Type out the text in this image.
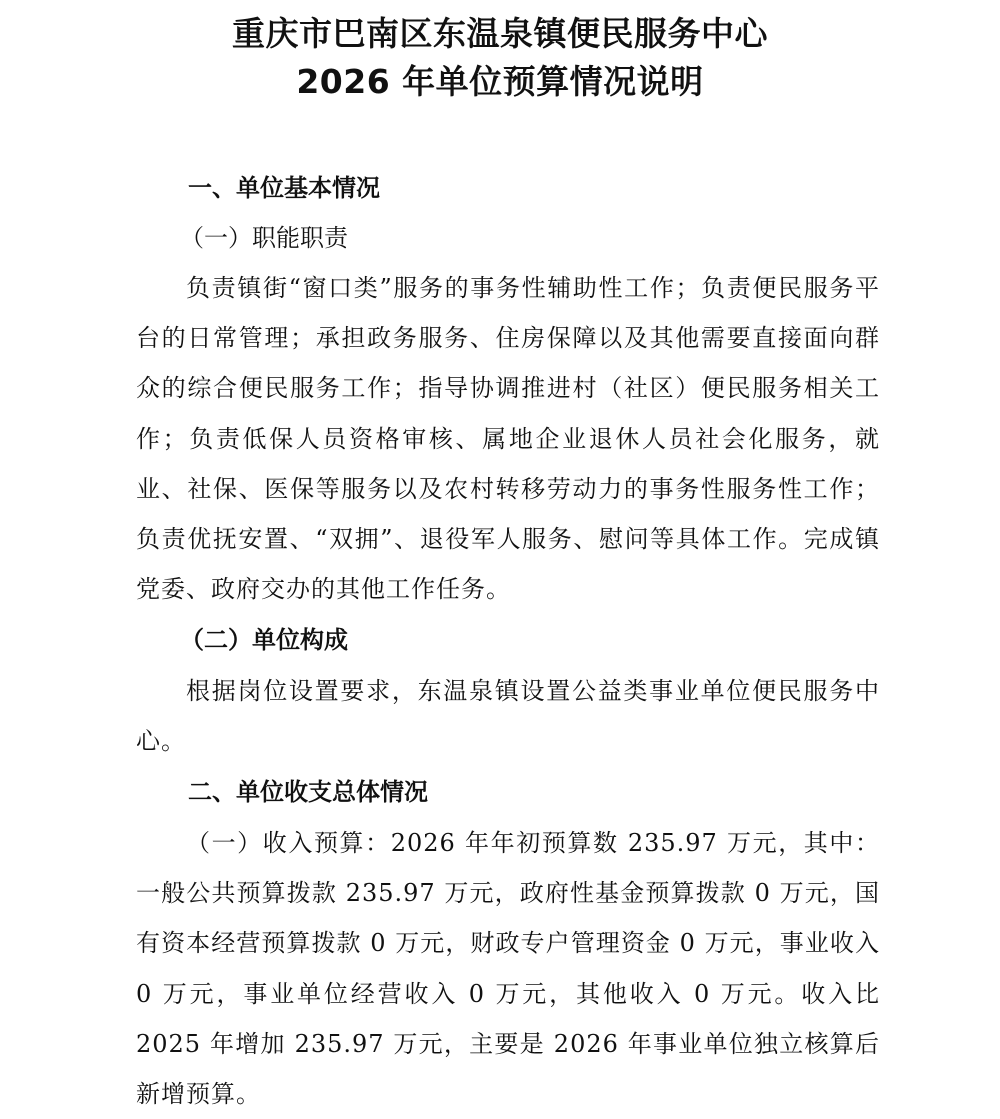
重庆市巴南区东温泉镇便民服务中心
2026 年单位预算情况说明
一、单位基本情况
（一）职能职责
负责镇街“窗口类”服务的事务性辅助性工作；负责便民服务平台的日常管理；承担政务服务、住房保障以及其他需要直接面向群众的综合便民服务工作；指导协调推进村（社区）便民服务相关工作；负责低保人员资格审核、属地企业退休人员社会化服务，就业、社保、医保等服务以及农村转移劳动力的事务性服务性工作；负责优抚安置、“双拥”、退役军人服务、慰问等具体工作。完成镇党委、政府交办的其他工作任务。
（二）单位构成
根据岗位设置要求，东温泉镇设置公益类事业单位便民服务中心。
二、单位收支总体情况
（一）收入预算：2026 年年初预算数 235.97 万元，其中：一般公共预算拨款 235.97 万元，政府性基金预算拨款 0 万元，国有资本经营预算拨款 0 万元，财政专户管理资金 0 万元，事业收入 0 万元，事业单位经营收入 0 万元，其他收入 0 万元。收入比 2025 年增加 235.97 万元，主要是 2026 年事业单位独立核算后新增预算。
